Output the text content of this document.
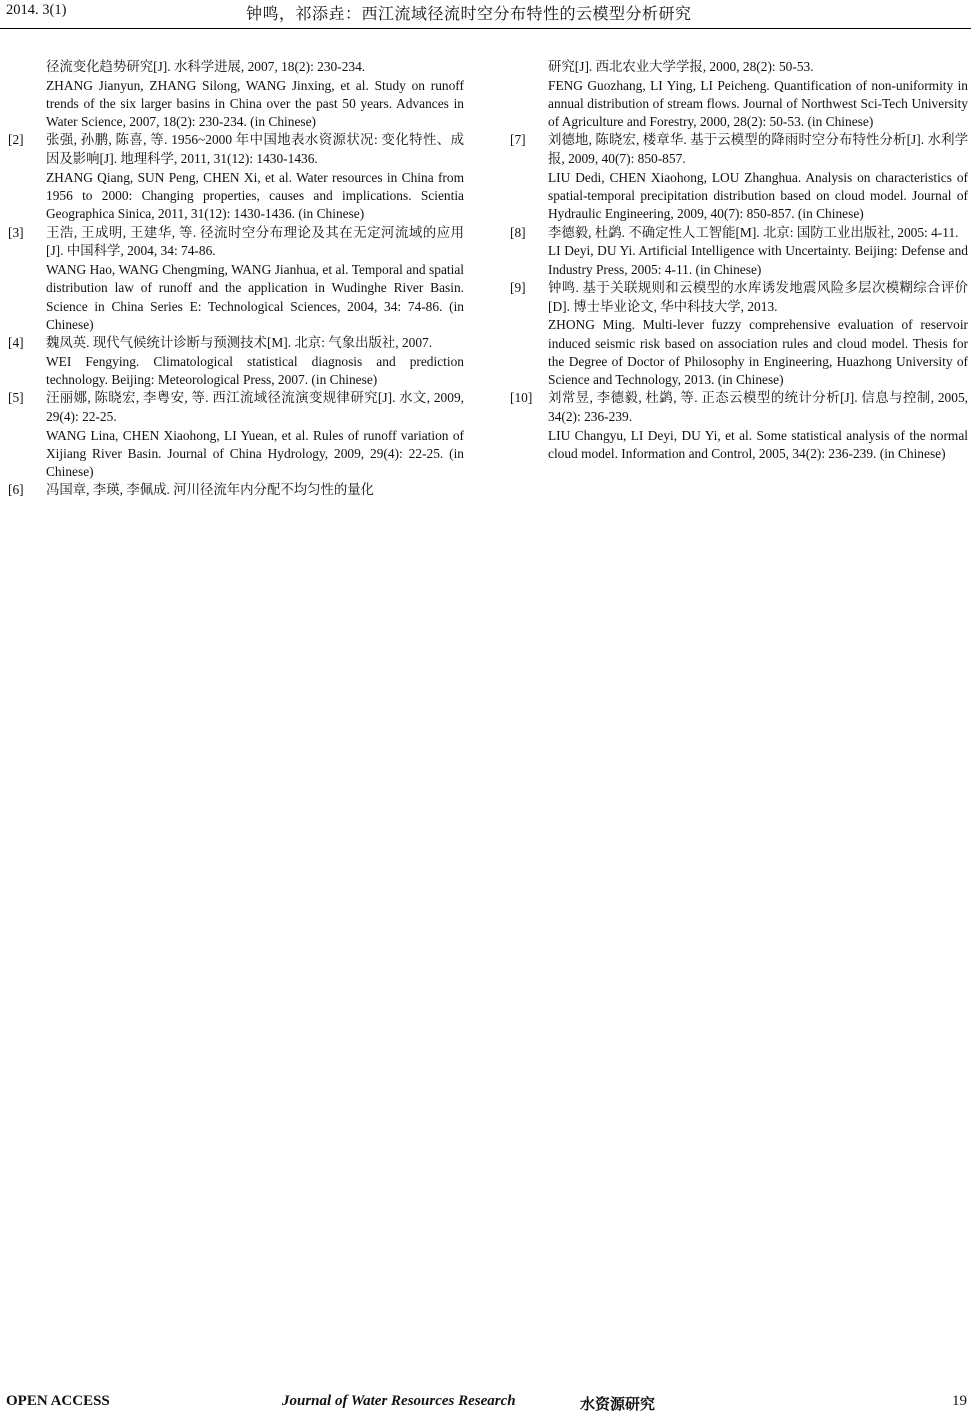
2014. 3(1)	钟鸣，祁添垚：西江流域径流时空分布特性的云模型分析研究
径流变化趋势研究[J]. 水科学进展, 2007, 18(2): 230-234.
ZHANG Jianyun, ZHANG Silong, WANG Jinxing, et al. Study on runoff trends of the six larger basins in China over the past 50 years. Advances in Water Science, 2007, 18(2): 230-234. (in Chinese)
[2]	张强, 孙鹏, 陈喜, 等. 1956~2000 年中国地表水资源状况: 变化特性、成因及影响[J]. 地理科学, 2011, 31(12): 1430-1436.
ZHANG Qiang, SUN Peng, CHEN Xi, et al. Water resources in China from 1956 to 2000: Changing properties, causes and implications. Scientia Geographica Sinica, 2011, 31(12): 1430-1436. (in Chinese)
[3]	王浩, 王成明, 王建华, 等. 径流时空分布理论及其在无定河流域的应用[J]. 中国科学, 2004, 34: 74-86.
WANG Hao, WANG Chengming, WANG Jianhua, et al. Temporal and spatial distribution law of runoff and the application in Wudinghe River Basin. Science in China Series E: Technological Sciences, 2004, 34: 74-86. (in Chinese)
[4]	魏凤英. 现代气候统计诊断与预测技术[M]. 北京: 气象出版社, 2007.
WEI Fengying. Climatological statistical diagnosis and prediction technology. Beijing: Meteorological Press, 2007. (in Chinese)
[5]	汪丽娜, 陈晓宏, 李粤安, 等. 西江流域径流演变规律研究[J]. 水文, 2009, 29(4): 22-25.
WANG Lina, CHEN Xiaohong, LI Yuean, et al. Rules of runoff variation of Xijiang River Basin. Journal of China Hydrology, 2009, 29(4): 22-25. (in Chinese)
[6]	冯国章, 李瑛, 李佩成. 河川径流年内分配不均匀性的量化
研究[J]. 西北农业大学学报, 2000, 28(2): 50-53.
FENG Guozhang, LI Ying, LI Peicheng. Quantification of non-uniformity in annual distribution of stream flows. Journal of Northwest Sci-Tech University of Agriculture and Forestry, 2000, 28(2): 50-53. (in Chinese)
[7]	刘德地, 陈晓宏, 楼章华. 基于云模型的降雨时空分布特性分析[J]. 水利学报, 2009, 40(7): 850-857.
LIU Dedi, CHEN Xiaohong, LOU Zhanghua. Analysis on characteristics of spatial-temporal precipitation distribution based on cloud model. Journal of Hydraulic Engineering, 2009, 40(7): 850-857. (in Chinese)
[8]	李德毅, 杜鹢. 不确定性人工智能[M]. 北京: 国防工业出版社, 2005: 4-11.
LI Deyi, DU Yi. Artificial Intelligence with Uncertainty. Beijing: Defense and Industry Press, 2005: 4-11. (in Chinese)
[9]	钟鸣. 基于关联规则和云模型的水库诱发地震风险多层次模糊综合评价[D]. 博士毕业论文, 华中科技大学, 2013.
ZHONG Ming. Multi-lever fuzzy comprehensive evaluation of reservoir induced seismic risk based on association rules and cloud model. Thesis for the Degree of Doctor of Philosophy in Engineering, Huazhong University of Science and Technology, 2013. (in Chinese)
[10]	刘常昱, 李德毅, 杜鹢, 等. 正态云模型的统计分析[J]. 信息与控制, 2005, 34(2): 236-239.
LIU Changyu, LI Deyi, DU Yi, et al. Some statistical analysis of the normal cloud model. Information and Control, 2005, 34(2): 236-239. (in Chinese)
OPEN ACCESS	Journal of Water Resources Research	水资源研究	19
